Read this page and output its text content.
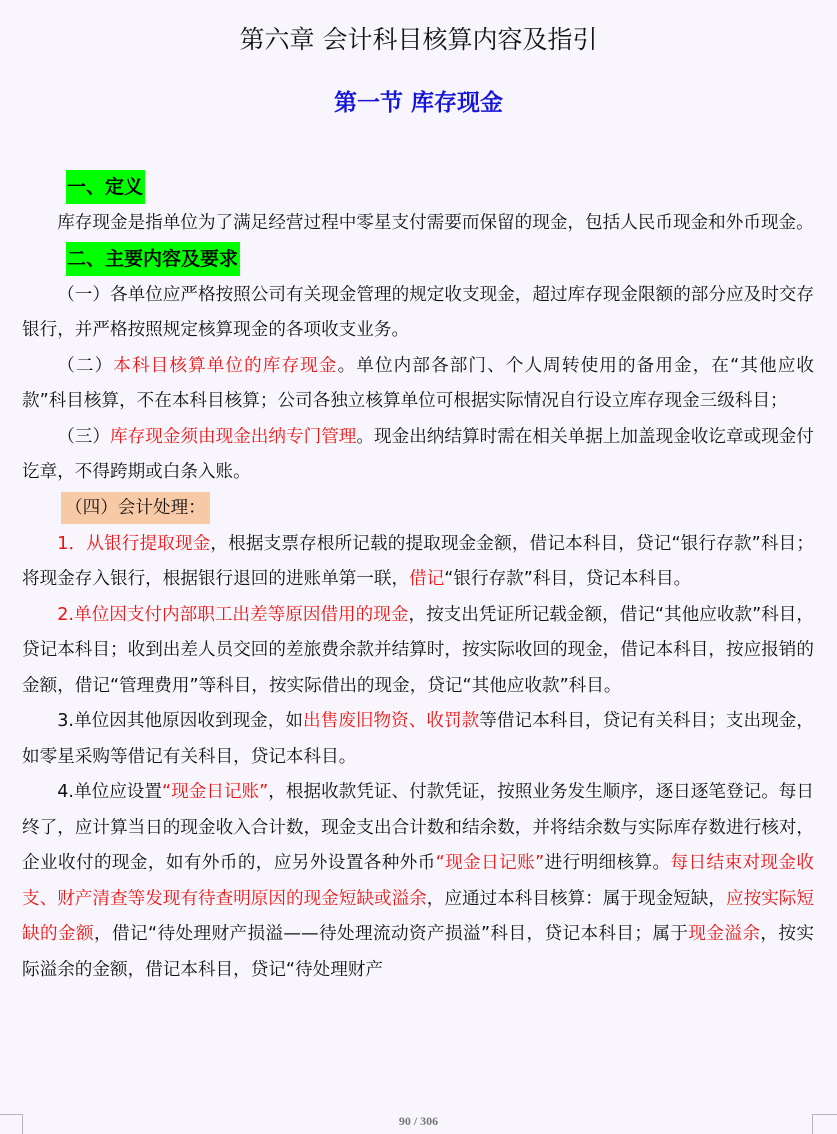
第六章 会计科目核算内容及指引
第一节 库存现金
一、定义

库存现金是指单位为了满足经营过程中零星支付需要而保留的现金，包括人民币现金和外币现金。

二、主要内容及要求

（一）各单位应严格按照公司有关现金管理的规定收支现金，超过库存现金限额的部分应及时交存银行，并严格按照规定核算现金的各项收支业务。

（二）本科目核算单位的库存现金。单位内部各部门、个人周转使用的备用金，在“其他应收款”科目核算，不在本科目核算；公司各独立核算单位可根据实际情况自行设立库存现金三级科目；

（三）库存现金须由现金出纳专门管理。现金出纳结算时需在相关单据上加盖现金收讫章或现金付讫章，不得跨期或白条入账。

（四）会计处理：

1．从银行提取现金，根据支票存根所记载的提取现金金额，借记本科目，贷记“银行存款”科目；将现金存入银行，根据银行退回的进账单第一联，借记“银行存款”科目，贷记本科目。

2.单位因支付内部职工出差等原因借用的现金，按支出凭证所记载金额，借记“其他应收款”科目，贷记本科目；收到出差人员交回的差旅费余款并结算时，按实际收回的现金，借记本科目，按应报销的金额，借记“管理费用”等科目，按实际借出的现金，贷记“其他应收款”科目。

3.单位因其他原因收到现金，如出售废旧物资、收罚款等借记本科目，贷记有关科目；支出现金，如零星采购等借记有关科目，贷记本科目。

4.单位应设置“现金日记账”，根据收款凭证、付款凭证，按照业务发生顺序，逐日逐笔登记。每日终了，应计算当日的现金收入合计数，现金支出合计数和结余数，并将结余数与实际库存数进行核对，企业收付的现金，如有外币的，应另外设置各种外币“现金日记账”进行明细核算。每日结束对现金收支、财产清查等发现有待查明原因的现金短缺或溢余，应通过本科目核算：属于现金短缺，应按实际短缺的金额，借记“待处理财产损溢——待处理流动资产损溢”科目，贷记本科目；属于现金溢余，按实际溢余的金额，借记本科目，贷记“待处理财产

90 / 306
